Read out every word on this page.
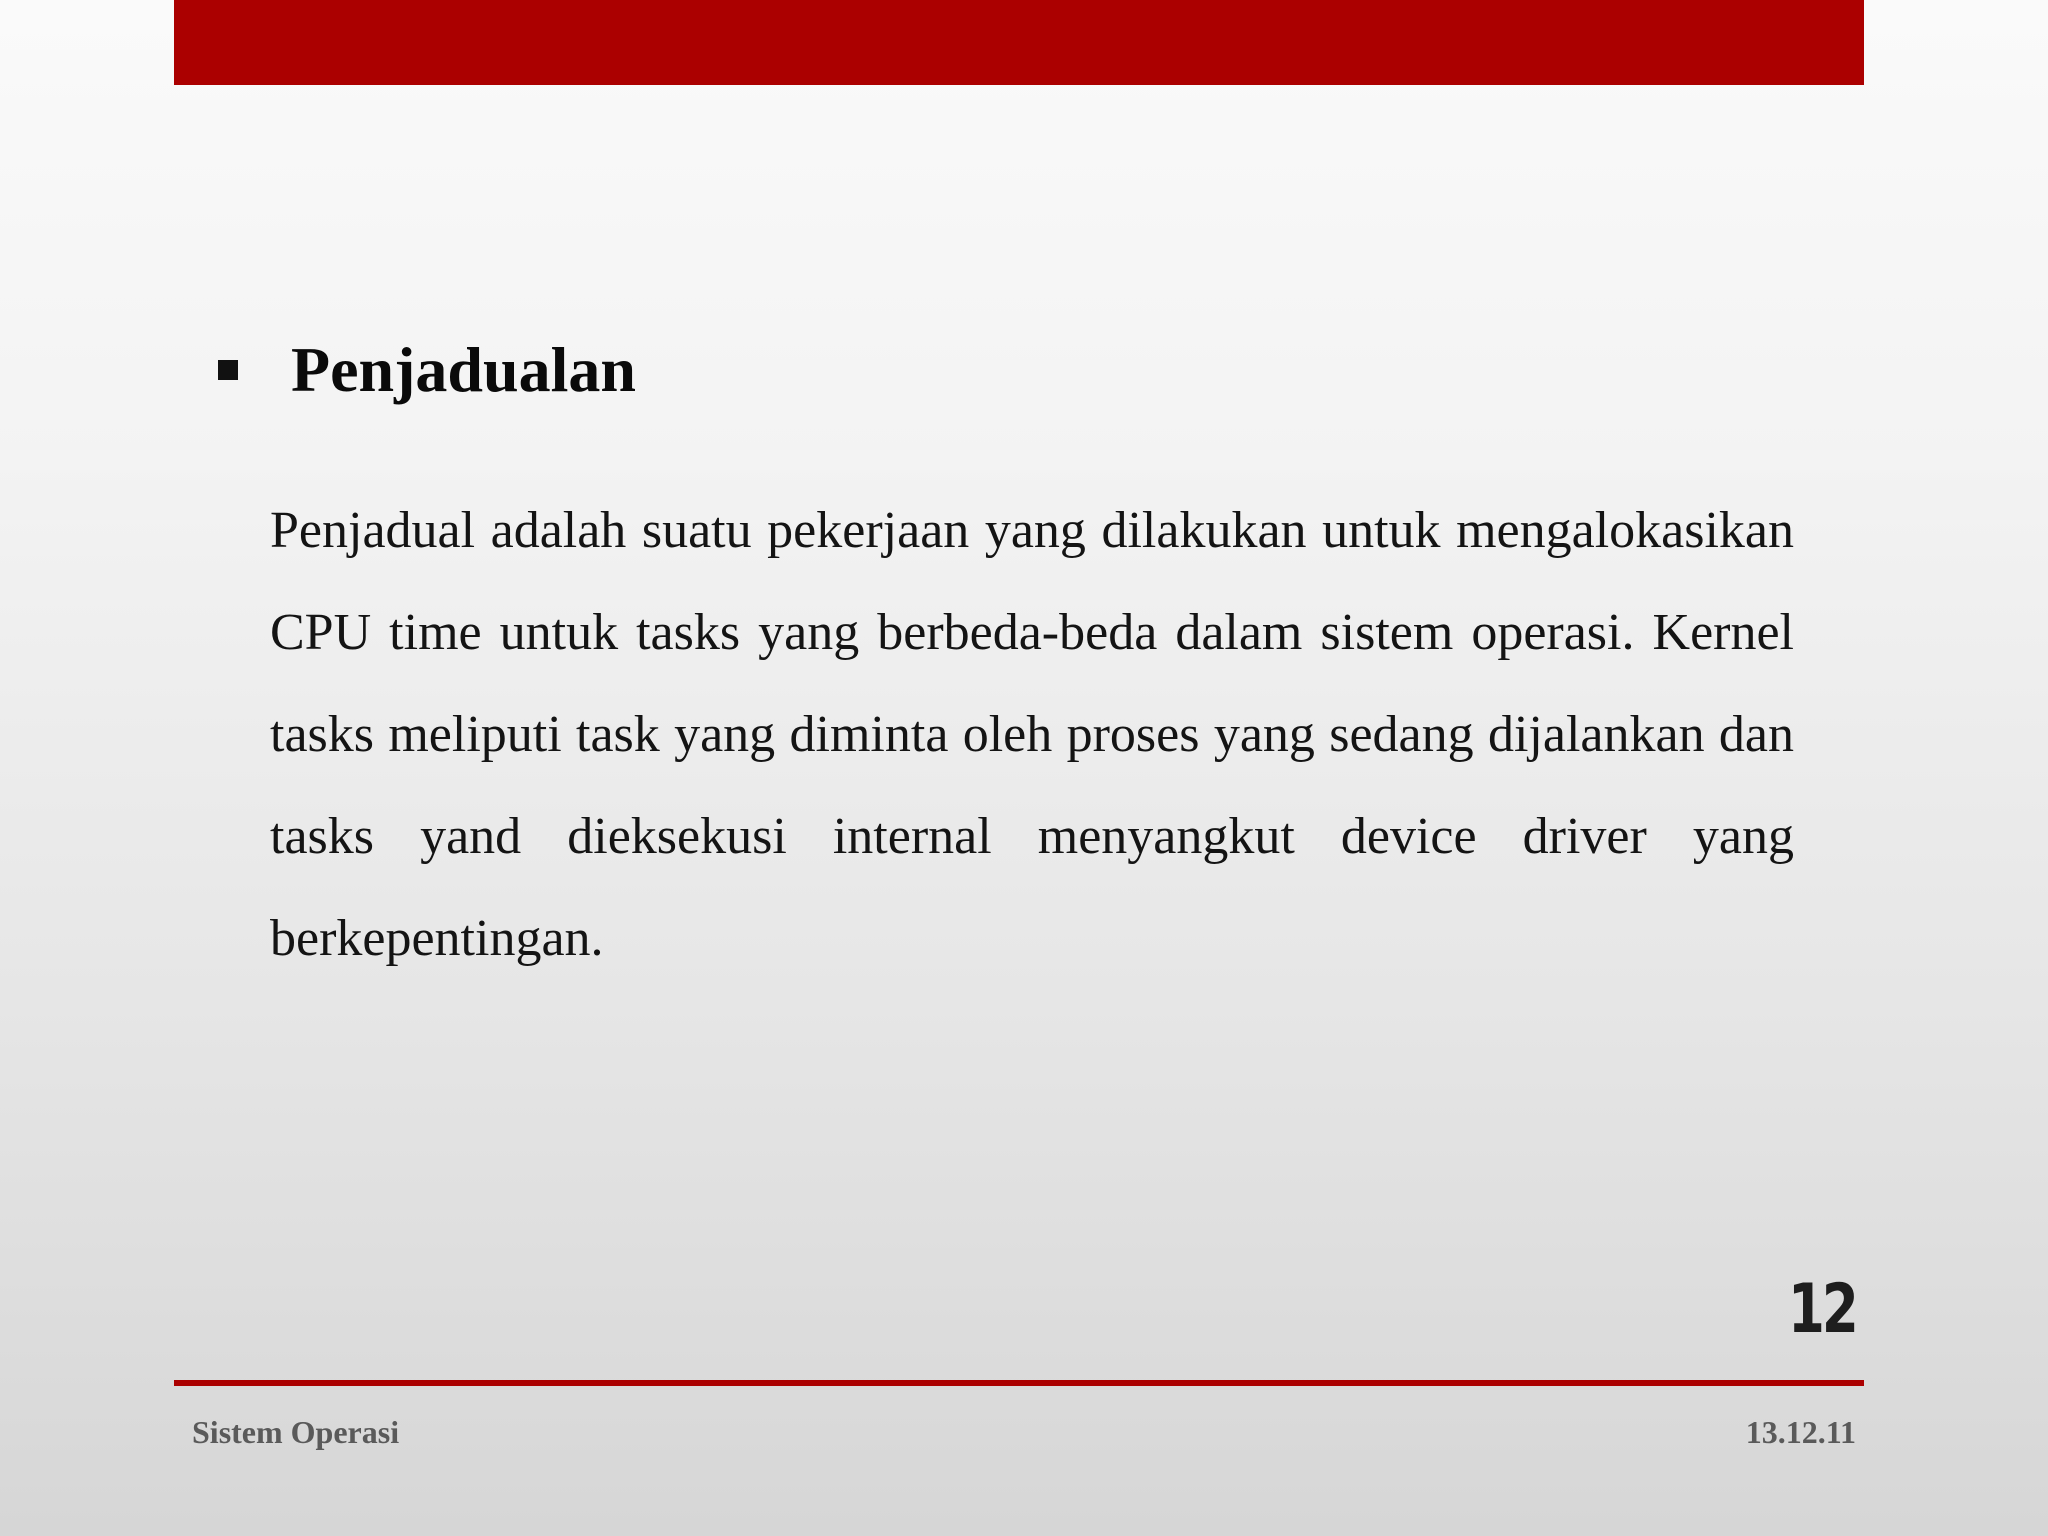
Penjadualan

Penjadual adalah suatu pekerjaan yang dilakukan untuk mengalokasikan CPU time untuk tasks yang berbeda-beda dalam sistem operasi. Kernel tasks meliputi task yang diminta oleh proses yang sedang dijalankan dan tasks yand dieksekusi internal menyangkut device driver yang berkepentingan.

12
Sistem Operasi	13.12.11
